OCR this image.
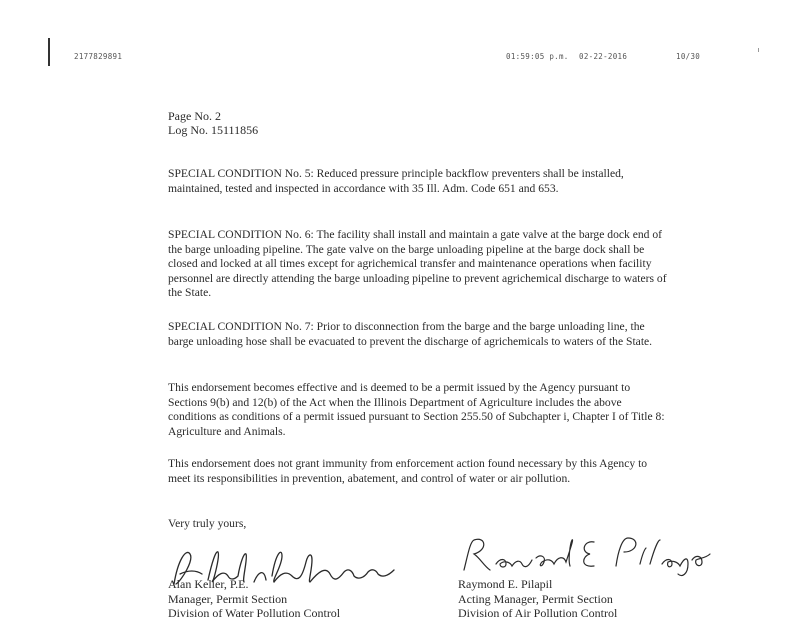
2177829891	01:59:05 p.m. 02-22-2016	10/30
Page No. 2
Log No. 15111856

SPECIAL CONDITION No. 5: Reduced pressure principle backflow preventers shall be installed, maintained, tested and inspected in accordance with 35 Ill. Adm. Code 651 and 653.

SPECIAL CONDITION No. 6: The facility shall install and maintain a gate valve at the barge dock end of the barge unloading pipeline. The gate valve on the barge unloading pipeline at the barge dock shall be closed and locked at all times except for agrichemical transfer and maintenance operations when facility personnel are directly attending the barge unloading pipeline to prevent agrichemical discharge to waters of the State.

SPECIAL CONDITION No. 7: Prior to disconnection from the barge and the barge unloading line, the barge unloading hose shall be evacuated to prevent the discharge of agrichemicals to waters of the State.

This endorsement becomes effective and is deemed to be a permit issued by the Agency pursuant to Sections 9(b) and 12(b) of the Act when the Illinois Department of Agriculture includes the above conditions as conditions of a permit issued pursuant to Section 255.50 of Subchapter i, Chapter I of Title 8: Agriculture and Animals.

This endorsement does not grant immunity from enforcement action found necessary by this Agency to meet its responsibilities in prevention, abatement, and control of water or air pollution.

Very truly yours,
Alan Keller, P.E.
Manager, Permit Section
Division of Water Pollution Control
Raymond E. Pilapil
Acting Manager, Permit Section
Division of Air Pollution Control
